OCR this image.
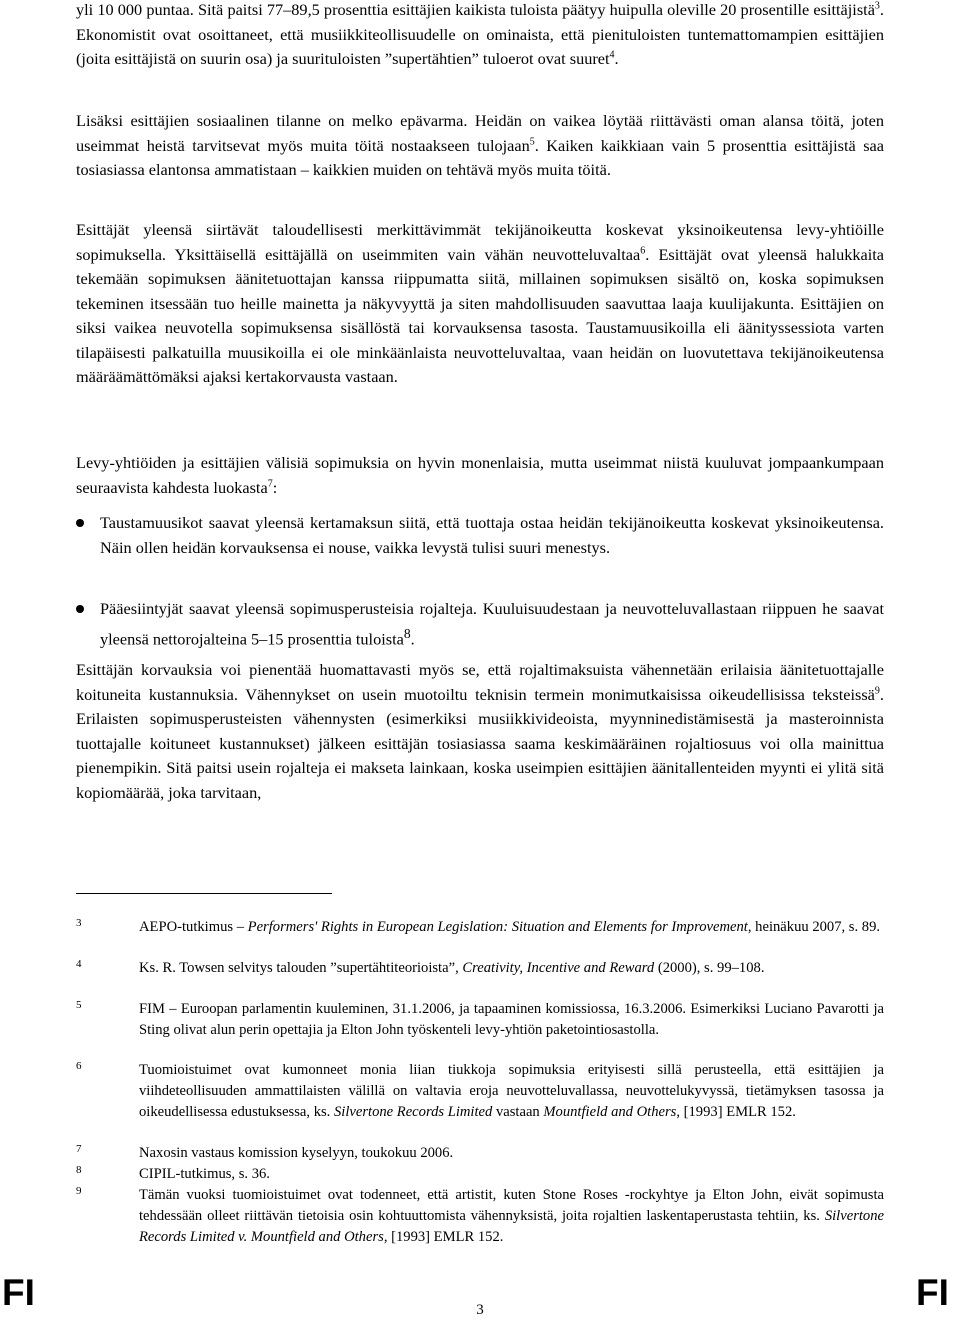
yli 10 000 puntaa. Sitä paitsi 77–89,5 prosenttia esittäjien kaikista tuloista päätyy huipulla oleville 20 prosentille esittäjistä$^3$. Ekonomistit ovat osoittaneet, että musiikkiteollisuudelle on ominaista, että pienituloisten tuntemattomampien esittäjien (joita esittäjistä on suurin osa) ja suurituloisten ”supertähtien” tuloerot ovat suuret$^4$.

Lisäksi esittäjien sosiaalinen tilanne on melko epävarma. Heidän on vaikea löytää riittävästi oman alansa töitä, joten useimmat heistä tarvitsevat myös muita töitä nostaakseen tulojaan$^5$. Kaiken kaikkiaan vain 5 prosenttia esittäjistä saa tosiasiassa elantonsa ammatistaan – kaikkien muiden on tehtävä myös muita töitä.

Esittäjät yleensä siirtävät taloudellisesti merkittävimmät tekijänoikeutta koskevat yksinoikeutensa levy-yhtiöille sopimuksella. Yksittäisellä esittäjällä on useimmiten vain vähän neuvotteluvaltaa$^6$. Esittäjät ovat yleensä halukkaita tekemään sopimuksen äänitetuottajan kanssa riippumatta siitä, millainen sopimuksen sisältö on, koska sopimuksen tekeminen itsessään tuo heille mainetta ja näkyvyyttä ja siten mahdollisuuden saavuttaa laaja kuulijakunta. Esittäjien on siksi vaikea neuvotella sopimuksensa sisällöstä tai korvauksensa tasosta. Taustamuusikoilla eli äänityssessiota varten tilapäisesti palkatuilla muusikoilla ei ole minkäänlaista neuvotteluvaltaa, vaan heidän on luovutettava tekijänoikeutensa määräämättömäksi ajaksi kertakorvausta vastaan.

Levy-yhtiöiden ja esittäjien välisiä sopimuksia on hyvin monenlaisia, mutta useimmat niistä kuuluvat jompaankumpaan seuraavista kahdesta luokasta$^7$:

Taustamuusikot saavat yleensä kertamaksun siitä, että tuottaja ostaa heidän tekijänoikeutta koskevat yksinoikeutensa. Näin ollen heidän korvauksensa ei nouse, vaikka levystä tulisi suuri menestys.

Pääesiintyjät saavat yleensä sopimusperusteisia rojalteja. Kuuluisuudestaan ja neuvotteluvallastaan riippuen he saavat yleensä nettorojalteina 5–15 prosenttia tuloista$^8$.

Esittäjän korvauksia voi pienentää huomattavasti myös se, että rojaltimaksuista vähennetään erilaisia äänitetuottajalle koituneita kustannuksia. Vähennykset on usein muotoiltu teknisin termein monimutkaisissa oikeudellisissa teksteissä$^9$. Erilaisten sopimusperusteisten vähennysten (esimerkiksi musiikkivideoista, myynninedistämisestä ja masteroinnista tuottajalle koituneet kustannukset) jälkeen esittäjän tosiasiassa saama keskimääräinen rojaltiosuus voi olla mainittua pienempikin. Sitä paitsi usein rojalteja ei makseta lainkaan, koska useimpien esittäjien äänitallenteiden myynti ei ylitä sitä kopiomäärää, joka tarvitaan,

3	AEPO-tutkimus – Performers' Rights in European Legislation: Situation and Elements for Improvement, heinäkuu 2007, s. 89.

4	Ks. R. Towsen selvitys talouden ”supertähtiteorioista”, Creativity, Incentive and Reward (2000), s. 99–108.

5	FIM – Euroopan parlamentin kuuleminen, 31.1.2006, ja tapaaminen komissiossa, 16.3.2006. Esimerkiksi Luciano Pavarotti ja Sting olivat alun perin opettajia ja Elton John työskenteli levy-yhtiön paketointiosastolla.

6	Tuomioistuimet ovat kumonneet monia liian tiukkoja sopimuksia erityisesti sillä perusteella, että esittäjien ja viihdeteollisuuden ammattilaisten välillä on valtavia eroja neuvotteluvallassa, neuvottelukyvyssä, tietämyksen tasossa ja oikeudellisessa edustuksessa, ks. Silvertone Records Limited vastaan Mountfield and Others, [1993] EMLR 152.

7	Naxosin vastaus komission kyselyyn, toukokuu 2006.

8	CIPIL-tutkimus, s. 36.

9	Tämän vuoksi tuomioistuimet ovat todenneet, että artistit, kuten Stone Roses -rockyhtye ja Elton John, eivät sopimusta tehdessään olleet riittävän tietoisia osin kohtuuttomista vähennyksistä, joita rojaltien laskentaperustasta tehtiin, ks. Silvertone Records Limited v. Mountfield and Others, [1993] EMLR 152.

FI	3	FI
